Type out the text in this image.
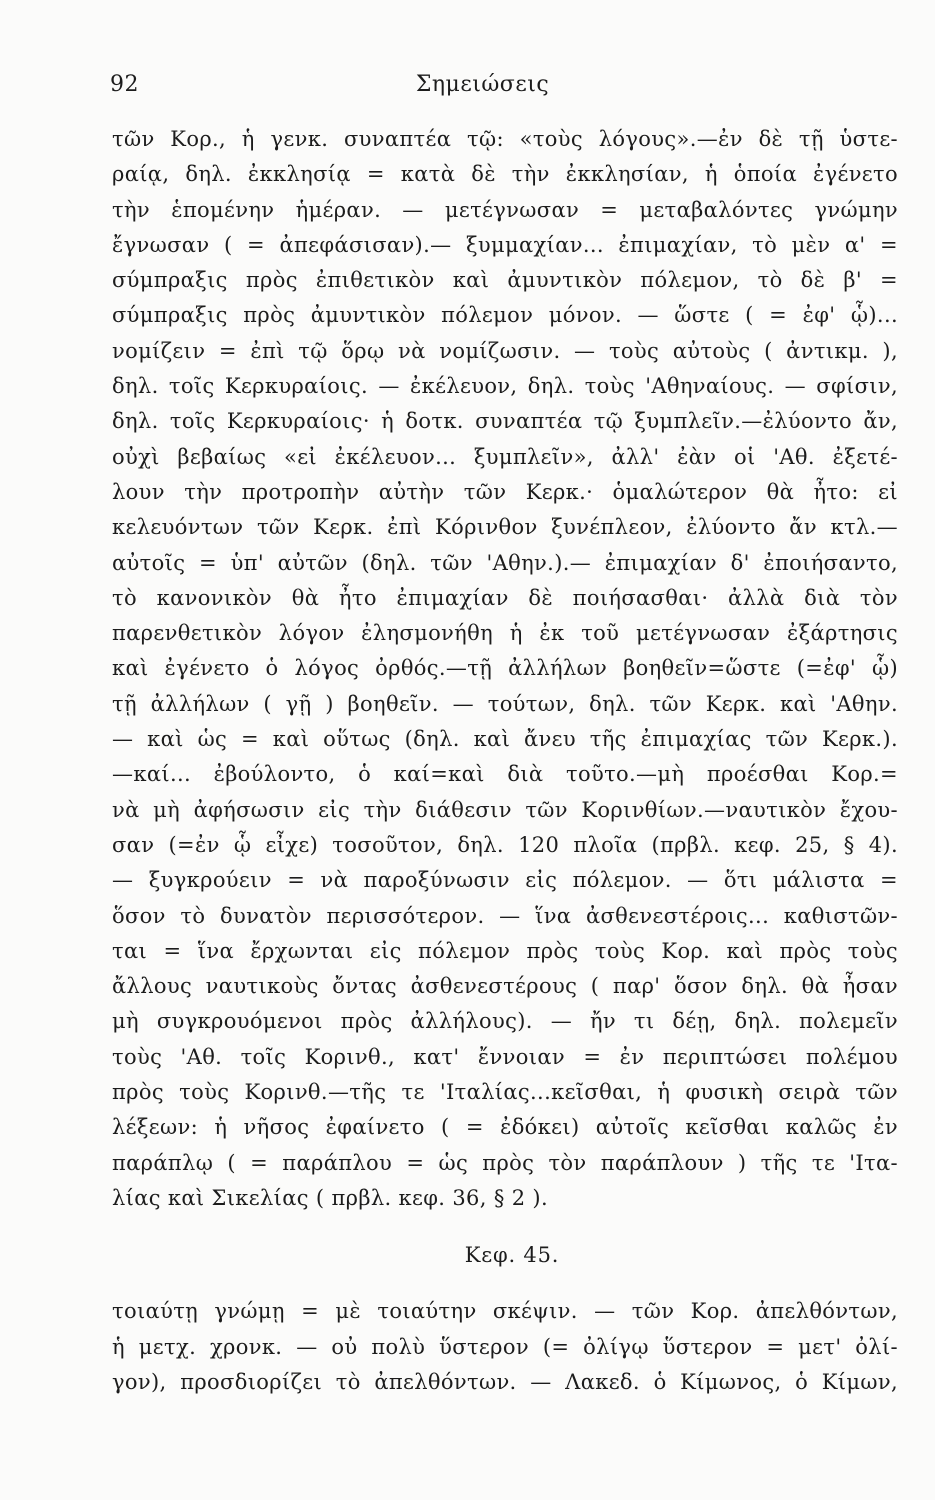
92	Σημειώσεις
τῶν Κορ., ἡ γενκ. συναπτέα τῷ: «τοὺς λόγους».—ἐν δὲ τῇ ὑστε-
ραίᾳ, δηλ. ἐκκλησίᾳ = κατὰ δὲ τὴν ἐκκλησίαν, ἡ ὁποία ἐγένετο
τὴν ἑπομένην ἡμέραν. — μετέγνωσαν = μεταβαλόντες γνώμην
ἔγνωσαν ( = ἀπεφάσισαν).— ξυμμαχίαν... ἐπιμαχίαν, τὸ μὲν α' =
σύμπραξις πρὸς ἐπιθετικὸν καὶ ἀμυντικὸν πόλεμον, τὸ δὲ β' =
σύμπραξις πρὸς ἀμυντικὸν πόλεμον μόνον. — ὥστε ( = ἐφ' ᾧ)...
νομίζειν = ἐπὶ τῷ ὅρῳ νὰ νομίζωσιν. — τοὺς αὐτοὺς ( ἀντικμ. ),
δηλ. τοῖς Κερκυραίοις. — ἐκέλευον, δηλ. τοὺς 'Αθηναίους. — σφίσιν,
δηλ. τοῖς Κερκυραίοις· ἡ δοτκ. συναπτέα τῷ ξυμπλεῖν.—ἐλύοντο ἄν,
οὐχὶ βεβαίως «εἰ ἐκέλευον... ξυμπλεῖν», ἀλλ' ἐὰν οἱ 'Αθ. ἐξετέ-
λουν τὴν προτροπὴν αὐτὴν τῶν Κερκ.· ὁμαλώτερον θὰ ἦτο: εἰ
κελευόντων τῶν Κερκ. ἐπὶ Κόρινθον ξυνέπλεον, ἐλύοντο ἄν κτλ.—
αὐτοῖς = ὑπ' αὐτῶν (δηλ. τῶν 'Αθην.).— ἐπιμαχίαν δ' ἐποιήσαντο,
τὸ κανονικὸν θὰ ἦτο ἐπιμαχίαν δὲ ποιήσασθαι· ἀλλὰ διὰ τὸν
παρενθετικὸν λόγον ἐλησμονήθη ἡ ἐκ τοῦ μετέγνωσαν ἐξάρτησις
καὶ ἐγένετο ὁ λόγος ὀρθός.—τῇ ἀλλήλων βοηθεῖν=ὥστε (=ἐφ' ᾧ)
τῇ ἀλλήλων ( γῇ ) βοηθεῖν. — τούτων, δηλ. τῶν Κερκ. καὶ 'Αθην.
— καὶ ὡς = καὶ οὕτως (δηλ. καὶ ἄνευ τῆς ἐπιμαχίας τῶν Κερκ.).
—καί... ἐβούλοντο, ὁ καί=καὶ διὰ τοῦτο.—μὴ προέσθαι Κορ.=
νὰ μὴ ἀφήσωσιν εἰς τὴν διάθεσιν τῶν Κορινθίων.—ναυτικὸν ἔχου-
σαν (=ἐν ᾧ εἶχε) τοσοῦτον, δηλ. 120 πλοῖα (πρβλ. κεφ. 25, § 4).
— ξυγκρούειν = νὰ παροξύνωσιν εἰς πόλεμον. — ὅτι μάλιστα =
ὅσον τὸ δυνατὸν περισσότερον. — ἵνα ἀσθενεστέροις... καθιστῶν-
ται = ἵνα ἔρχωνται εἰς πόλεμον πρὸς τοὺς Κορ. καὶ πρὸς τοὺς
ἄλλους ναυτικοὺς ὄντας ἀσθενεστέρους ( παρ' ὅσον δηλ. θὰ ἦσαν
μὴ συγκρουόμενοι πρὸς ἀλλήλους). — ἤν τι δέῃ, δηλ. πολεμεῖν
τοὺς 'Αθ. τοῖς Κορινθ., κατ' ἔννοιαν = ἐν περιπτώσει πολέμου
πρὸς τοὺς Κορινθ.—τῆς τε 'Ιταλίας...κεῖσθαι, ἡ φυσικὴ σειρὰ τῶν
λέξεων: ἡ νῆσος ἐφαίνετο ( = ἐδόκει) αὐτοῖς κεῖσθαι καλῶς ἐν
παράπλῳ ( = παράπλου = ὡς πρὸς τὸν παράπλουν ) τῆς τε 'Ιτα-
λίας καὶ Σικελίας ( πρβλ. κεφ. 36, § 2 ).
Κεφ. 45.
τοιαύτῃ γνώμῃ = μὲ τοιαύτην σκέψιν. — τῶν Κορ. ἀπελθόντων,
ἡ μετχ. χρονκ. — οὐ πολὺ ὕστερον (= ὀλίγῳ ὕστερον = μετ' ὀλί-
γον), προσδιορίζει τὸ ἀπελθόντων. — Λακεδ. ὁ Κίμωνος, ὁ Κίμων,
